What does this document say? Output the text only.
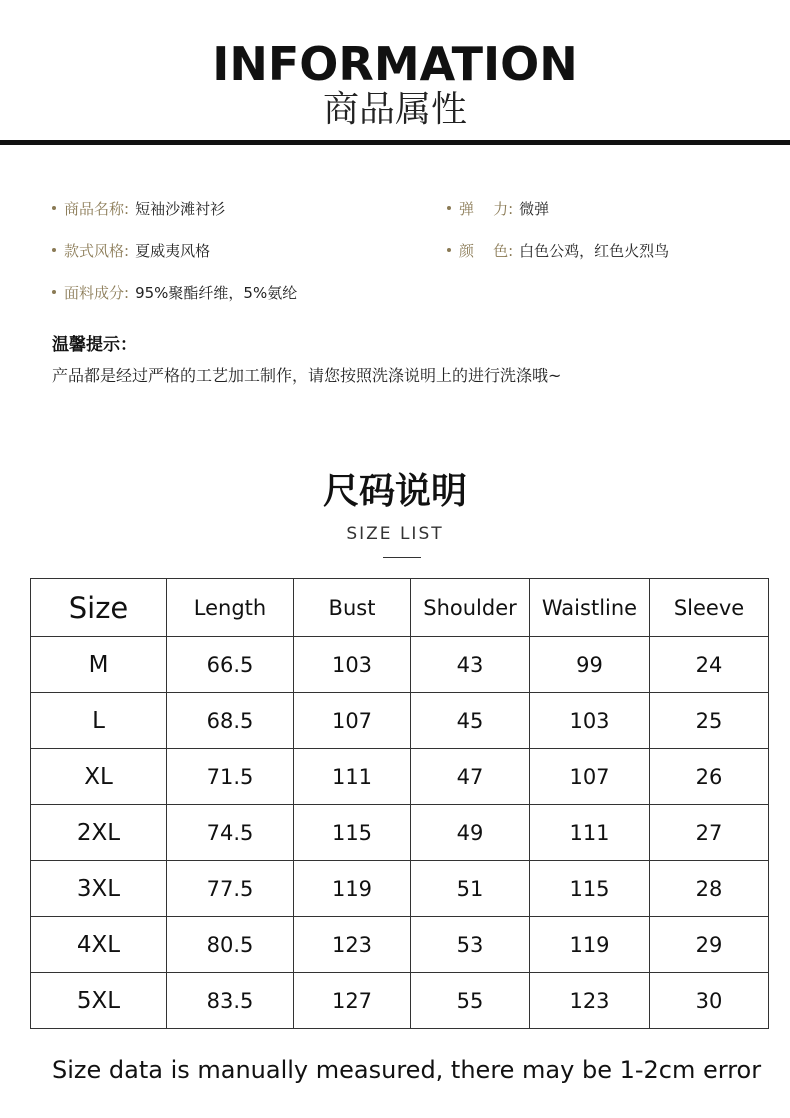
INFORMATION
商品属性
商品名称: 短袖沙滩衬衫
款式风格: 夏威夷风格
面料成分: 95%聚酯纤维，5%氨纶
弹    力: 微弹
颜    色: 白色公鸡，红色火烈鸟
温馨提示：
产品都是经过严格的工艺加工制作，请您按照洗涤说明上的进行洗涤哦~
尺码说明
SIZE LIST
Size	Length	Bust	Shoulder	Waistline	Sleeve
M	66.5	103	43	99	24
L	68.5	107	45	103	25
XL	71.5	111	47	107	26
2XL	74.5	115	49	111	27
3XL	77.5	119	51	115	28
4XL	80.5	123	53	119	29
5XL	83.5	127	55	123	30
Size data is manually measured, there may be 1-2cm error
